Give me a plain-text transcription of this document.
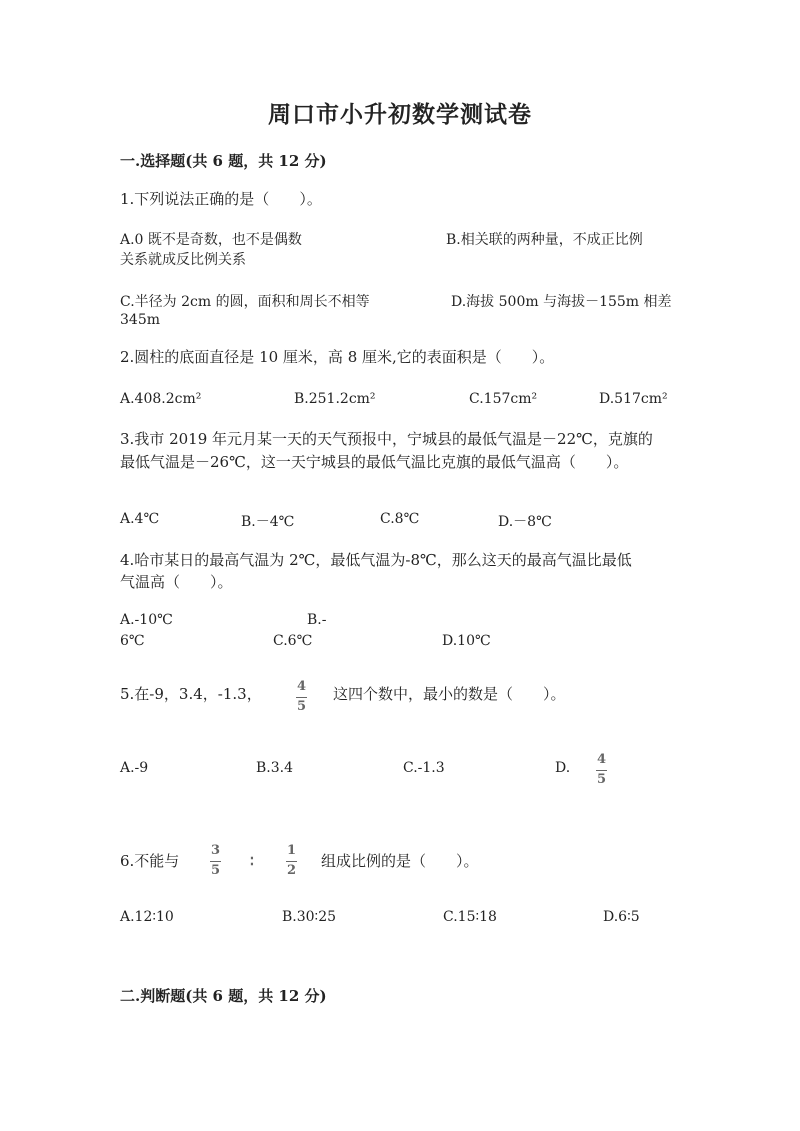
周口市小升初数学测试卷
一.选择题(共 6 题，共 12 分)
1.下列说法正确的是（　　）。
A.0 既不是奇数，也不是偶数	B.相关联的两种量，不成正比例
关系就成反比例关系
C.半径为 2cm 的圆，面积和周长不相等	D.海拔 500m 与海拔－155m 相差
345m
2.圆柱的底面直径是 10 厘米，高 8 厘米,它的表面积是（　　）。
A.408.2cm²	B.251.2cm²	C.157cm²	D.517cm²
3.我市 2019 年元月某一天的天气预报中，宁城县的最低气温是－22℃，克旗的
最低气温是－26℃，这一天宁城县的最低气温比克旗的最低气温高（　　）。
A.4℃	B.－4℃	C.8℃	D.－8℃
4.哈市某日的最高气温为 2℃，最低气温为-8℃，那么这天的最高气温比最低
气温高（　　）。
A.-10℃	B.-
6℃	C.6℃	D.10℃
5.在-9，3.4，-1.3，	4
5
这四个数中，最小的数是（　　）。
A.-9	B.3.4	C.-1.3	D.
4
5
6.不能与
3
5
∶
1
2
组成比例的是（　　）。
A.12∶10	B.30∶25	C.15∶18	D.6∶5
二.判断题(共 6 题，共 12 分)
